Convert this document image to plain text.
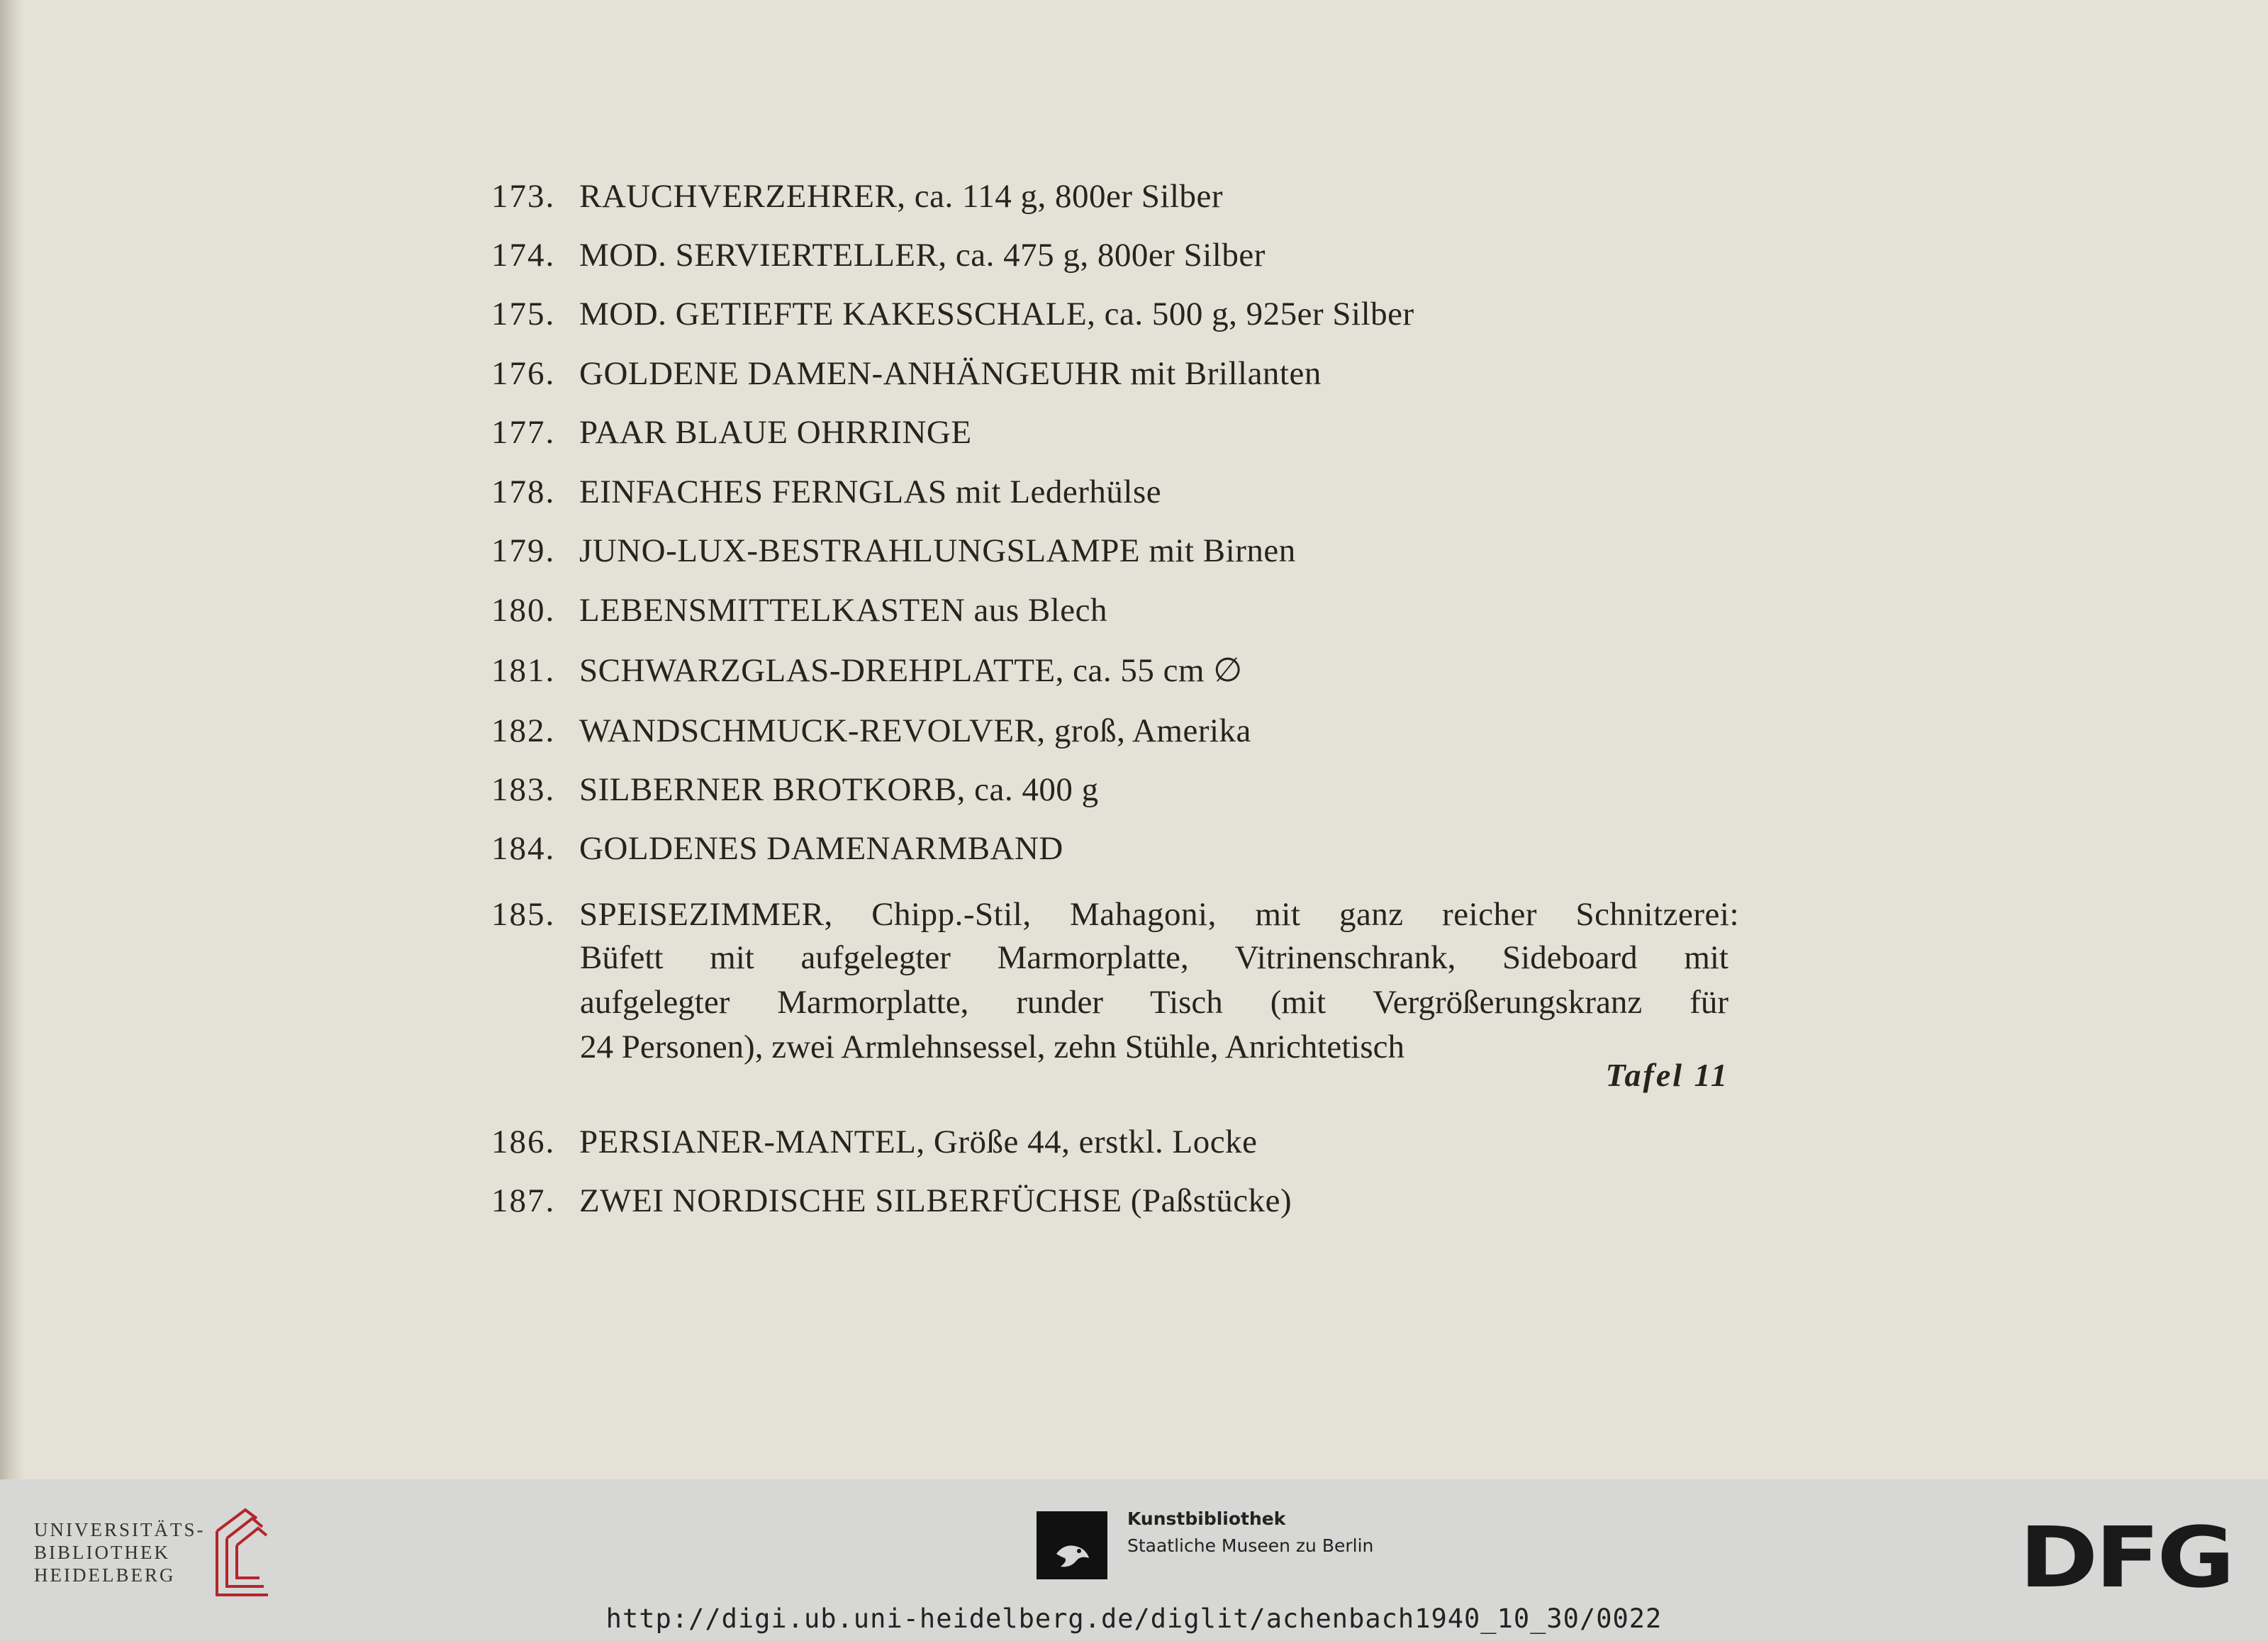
173. RAUCHVERZEHRER, ca. 114 g, 800er Silber
174. MOD. SERVIERTELLER, ca. 475 g, 800er Silber
175. MOD. GETIEFTE KAKESSCHALE, ca. 500 g, 925er Silber
176. GOLDENE DAMEN-ANHÄNGEUHR mit Brillanten
177. PAAR BLAUE OHRRINGE
178. EINFACHES FERNGLAS mit Lederhülse
179. JUNO-LUX-BESTRAHLUNGSLAMPE mit Birnen
180. LEBENSMITTELKASTEN aus Blech
181. SCHWARZGLAS-DREHPLATTE, ca. 55 cm ∅
182. WANDSCHMUCK-REVOLVER, groß, Amerika
183. SILBERNER BROTKORB, ca. 400 g
184. GOLDENES DAMENARMBAND
185. SPEISEZIMMER, Chipp.-Stil, Mahagoni, mit ganz reicher Schnitzerei:
Büfett mit aufgelegter Marmorplatte, Vitrinenschrank, Sideboard mit
aufgelegter Marmorplatte, runder Tisch (mit Vergrößerungskranz für
24 Personen), zwei Armlehnsessel, zehn Stühle, Anrichtetisch
Tafel 11
186. PERSIANER-MANTEL, Größe 44, erstkl. Locke
187. ZWEI NORDISCHE SILBERFÜCHSE (Paßstücke)
UNIVERSITÄTS-
BIBLIOTHEK
HEIDELBERG
Kunstbibliothek
Staatliche Museen zu Berlin	DFG
http://digi.ub.uni-heidelberg.de/diglit/achenbach1940_10_30/0022
